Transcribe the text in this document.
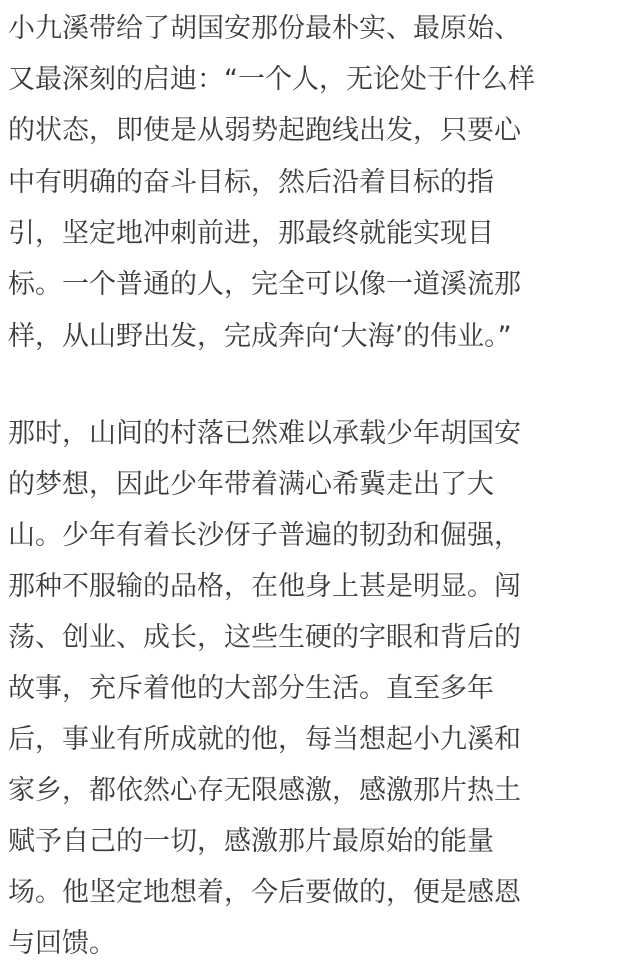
小九溪带给了胡国安那份最朴实、最原始、
又最深刻的启迪：“一个人，无论处于什么样
的状态，即使是从弱势起跑线出发，只要心
中有明确的奋斗目标，然后沿着目标的指
引，坚定地冲刺前进，那最终就能实现目
标。一个普通的人，完全可以像一道溪流那
样，从山野出发，完成奔向‘大海’的伟业。”
那时，山间的村落已然难以承载少年胡国安
的梦想，因此少年带着满心希冀走出了大
山。少年有着长沙伢子普遍的韧劲和倔强，
那种不服输的品格，在他身上甚是明显。闯
荡、创业、成长，这些生硬的字眼和背后的
故事，充斥着他的大部分生活。直至多年
后，事业有所成就的他，每当想起小九溪和
家乡，都依然心存无限感激，感激那片热土
赋予自己的一切，感激那片最原始的能量
场。他坚定地想着，今后要做的，便是感恩
与回馈。
